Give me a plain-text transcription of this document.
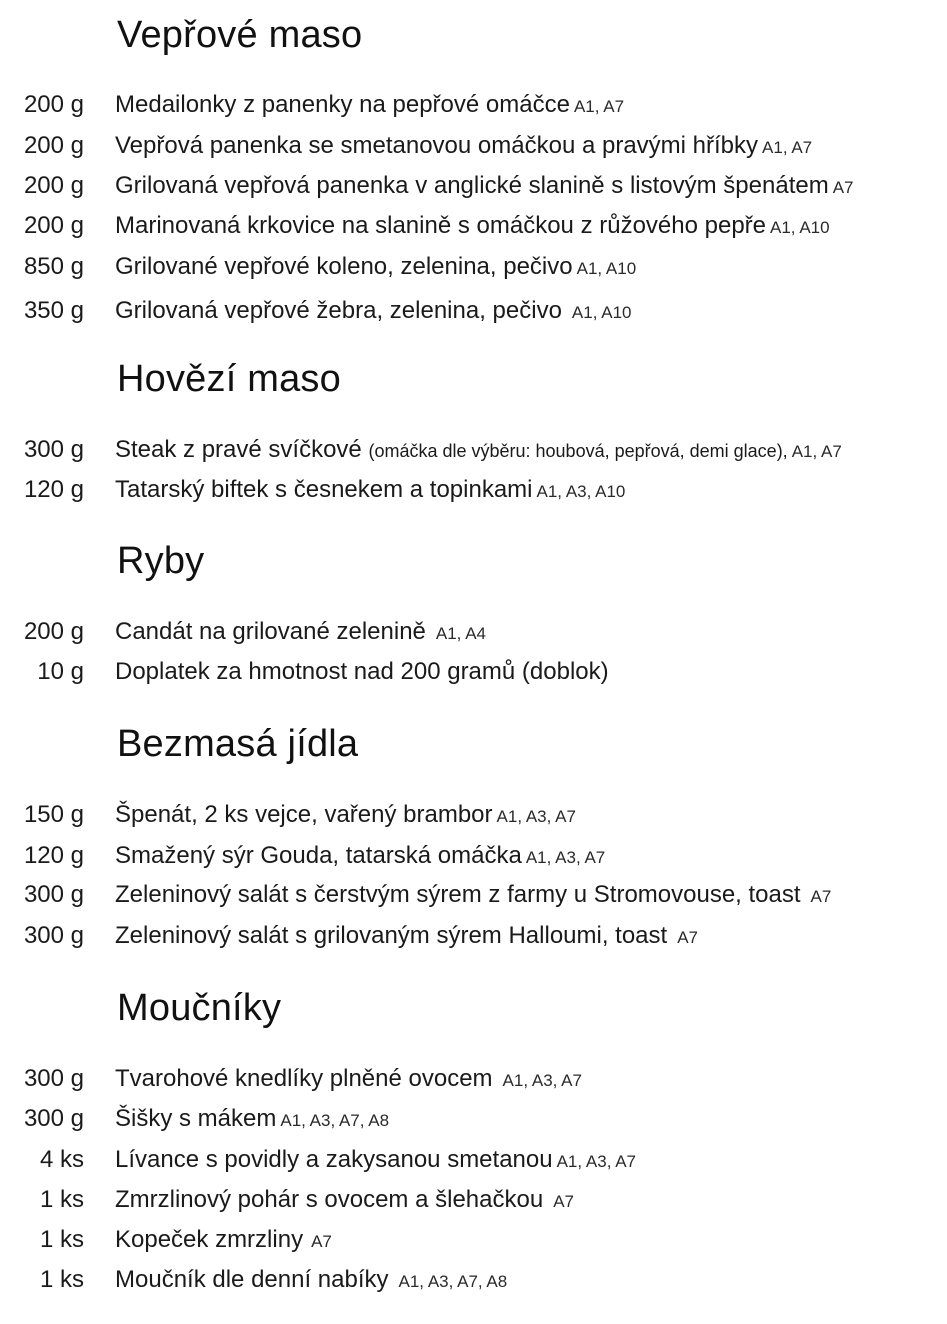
Vepřové maso
200 g Medailonky z panenky na pepřové omáčce A1, A7
200 g Vepřová panenka se smetanovou omáčkou a pravými hříbky A1, A7
200 g Grilovaná vepřová panenka v anglické slanině s listovým špenátem A7
200 g Marinovaná krkovice na slanině s omáčkou z růžového pepře A1, A10
850 g Grilované vepřové koleno, zelenina, pečivo A1, A10
350 g Grilovaná vepřové žebra, zelenina, pečivo A1, A10
Hovězí maso
300 g Steak z pravé svíčkové (omáčka dle výběru: houbová, pepřová, demi glace), A1, A7
120 g Tatarský biftek s česnekem a topinkami A1, A3, A10
Ryby
200 g Candát na grilované zelenině A1, A4
10 g Doplatek za hmotnost nad 200 gramů (doblok)
Bezmasá jídla
150 g Špenát, 2 ks vejce, vařený brambor A1, A3, A7
120 g Smažený sýr Gouda, tatarská omáčka A1, A3, A7
300 g Zeleninový salát s čerstvým sýrem z farmy u Stromovouse, toast A7
300 g Zeleninový salát s grilovaným sýrem Halloumi, toast A7
Moučníky
300 g Tvarohové knedlíky plněné ovocem A1, A3, A7
300 g Šišky s mákem A1, A3, A7, A8
4 ks Lívance s povidly a zakysanou smetanou A1, A3, A7
1 ks Zmrzlinový pohár s ovocem a šlehačkou A7
1 ks Kopeček zmrzliny A7
1 ks Moučník dle denní nabíky A1, A3, A7, A8
